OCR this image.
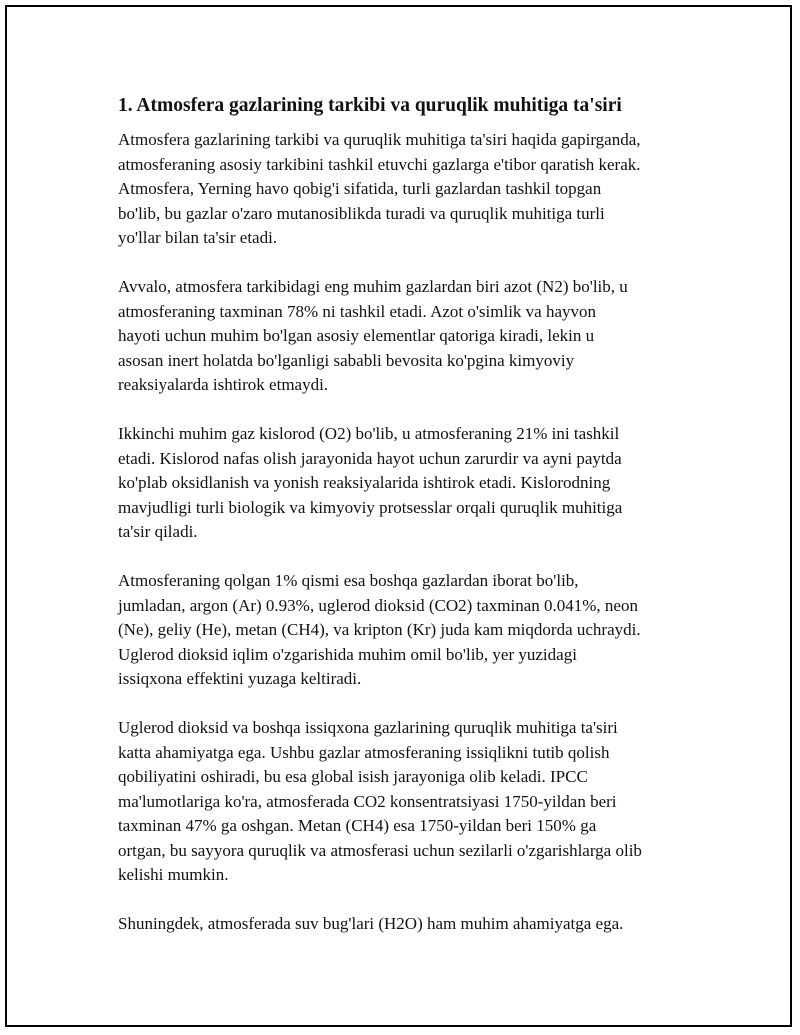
1. Atmosfera gazlarining tarkibi va quruqlik muhitiga ta'siri

Atmosfera gazlarining tarkibi va quruqlik muhitiga ta'siri haqida gapirganda,
atmosferaning asosiy tarkibini tashkil etuvchi gazlarga e'tibor qaratish kerak.
Atmosfera, Yerning havo qobig'i sifatida, turli gazlardan tashkil topgan
bo'lib, bu gazlar o'zaro mutanosiblikda turadi va quruqlik muhitiga turli
yo'llar bilan ta'sir etadi.

Avvalo, atmosfera tarkibidagi eng muhim gazlardan biri azot (N2) bo'lib, u
atmosferaning taxminan 78% ni tashkil etadi. Azot o'simlik va hayvon
hayoti uchun muhim bo'lgan asosiy elementlar qatoriga kiradi, lekin u
asosan inert holatda bo'lganligi sababli bevosita ko'pgina kimyoviy
reaksiyalarda ishtirok etmaydi.

Ikkinchi muhim gaz kislorod (O2) bo'lib, u atmosferaning 21% ini tashkil
etadi. Kislorod nafas olish jarayonida hayot uchun zarurdir va ayni paytda
ko'plab oksidlanish va yonish reaksiyalarida ishtirok etadi. Kislorodning
mavjudligi turli biologik va kimyoviy protsesslar orqali quruqlik muhitiga
ta'sir qiladi.

Atmosferaning qolgan 1% qismi esa boshqa gazlardan iborat bo'lib,
jumladan, argon (Ar) 0.93%, uglerod dioksid (CO2) taxminan 0.041%, neon
(Ne), geliy (He), metan (CH4), va kripton (Kr) juda kam miqdorda uchraydi.
Uglerod dioksid iqlim o'zgarishida muhim omil bo'lib, yer yuzidagi
issiqxona effektini yuzaga keltiradi.

Uglerod dioksid va boshqa issiqxona gazlarining quruqlik muhitiga ta'siri
katta ahamiyatga ega. Ushbu gazlar atmosferaning issiqlikni tutib qolish
qobiliyatini oshiradi, bu esa global isish jarayoniga olib keladi. IPCC
ma'lumotlariga ko'ra, atmosferada CO2 konsentratsiyasi 1750-yildan beri
taxminan 47% ga oshgan. Metan (CH4) esa 1750-yildan beri 150% ga
ortgan, bu sayyora quruqlik va atmosferasi uchun sezilarli o'zgarishlarga olib
kelishi mumkin.

Shuningdek, atmosferada suv bug'lari (H2O) ham muhim ahamiyatga ega.
